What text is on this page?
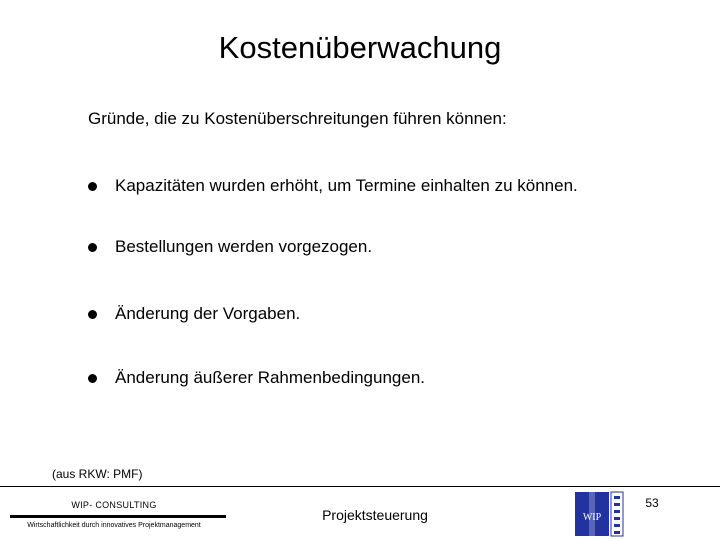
Kostenüberwachung
Gründe, die zu Kostenüberschreitungen führen können:
Kapazitäten wurden erhöht, um Termine einhalten zu können.
Bestellungen werden vorgezogen.
Änderung der Vorgaben.
Änderung äußerer Rahmenbedingungen.
(aus RKW: PMF)
WIP- CONSULTING
Wirtschaftlichkeit durch innovatives Projektmanagement
Projektsteuerung	WIP
53
